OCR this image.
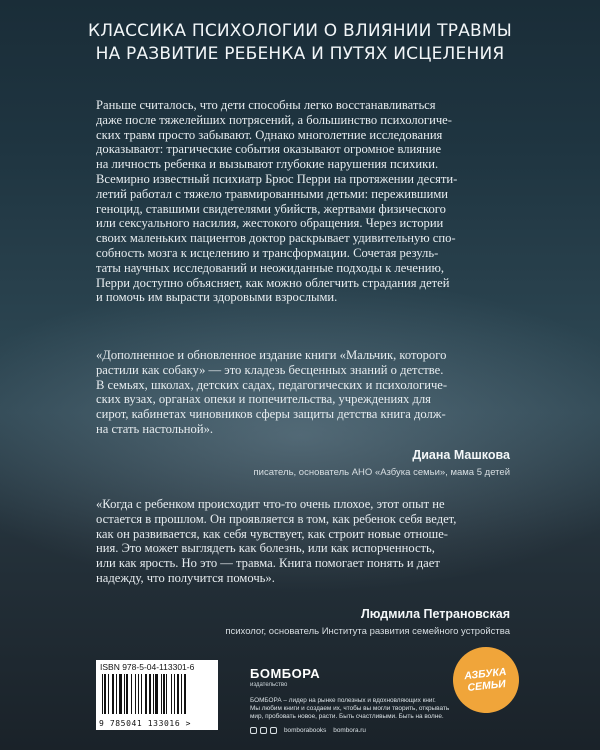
КЛАССИКА ПСИХОЛОГИИ О ВЛИЯНИИ ТРАВМЫ
НА РАЗВИТИЕ РЕБЕНКА И ПУТЯХ ИСЦЕЛЕНИЯ
Раньше считалось, что дети способны легко восстанавливаться
даже после тяжелейших потрясений, а большинство психологиче-
ских травм просто забывают. Однако многолетние исследования
доказывают: трагические события оказывают огромное влияние
на личность ребенка и вызывают глубокие нарушения психики.
Всемирно известный психиатр Брюс Перри на протяжении десяти-
летий работал с тяжело травмированными детьми: пережившими
геноцид, ставшими свидетелями убийств, жертвами физического
или сексуального насилия, жестокого обращения. Через истории
своих маленьких пациентов доктор раскрывает удивительную спо-
собность мозга к исцелению и трансформации. Сочетая резуль-
таты научных исследований и неожиданные подходы к лечению,
Перри доступно объясняет, как можно облегчить страдания детей
и помочь им вырасти здоровыми взрослыми.
«Дополненное и обновленное издание книги «Мальчик, которого
растили как собаку» — это кладезь бесценных знаний о детстве.
В семьях, школах, детских садах, педагогических и психологиче-
ских вузах, органах опеки и попечительства, учреждениях для
сирот, кабинетах чиновников сферы защиты детства книга долж-
на стать настольной».
Диана Машкова
писатель, основатель АНО «Азбука семьи», мама 5 детей
«Когда с ребенком происходит что-то очень плохое, этот опыт не
остается в прошлом. Он проявляется в том, как ребенок себя ведет,
как он развивается, как себя чувствует, как строит новые отноше-
ния. Это может выглядеть как болезнь, или как испорченность,
или как ярость. Но это — травма. Книга помогает понять и дает
надежду, что получится помочь».
Людмила Петрановская
психолог, основатель Института развития семейного устройства
ISBN 978-5-04-113301-6
9 785041 133016 >
БОМБОРА
издательство
БОМБОРА – лидер на рынке полезных и вдохновляющих книг.
Мы любим книги и создаем их, чтобы вы могли творить, открывать
мир, пробовать новое, расти. Быть счастливыми. Быть на волне.
bomborabooks bombora.ru
АЗБУКА
СЕМЬИ
